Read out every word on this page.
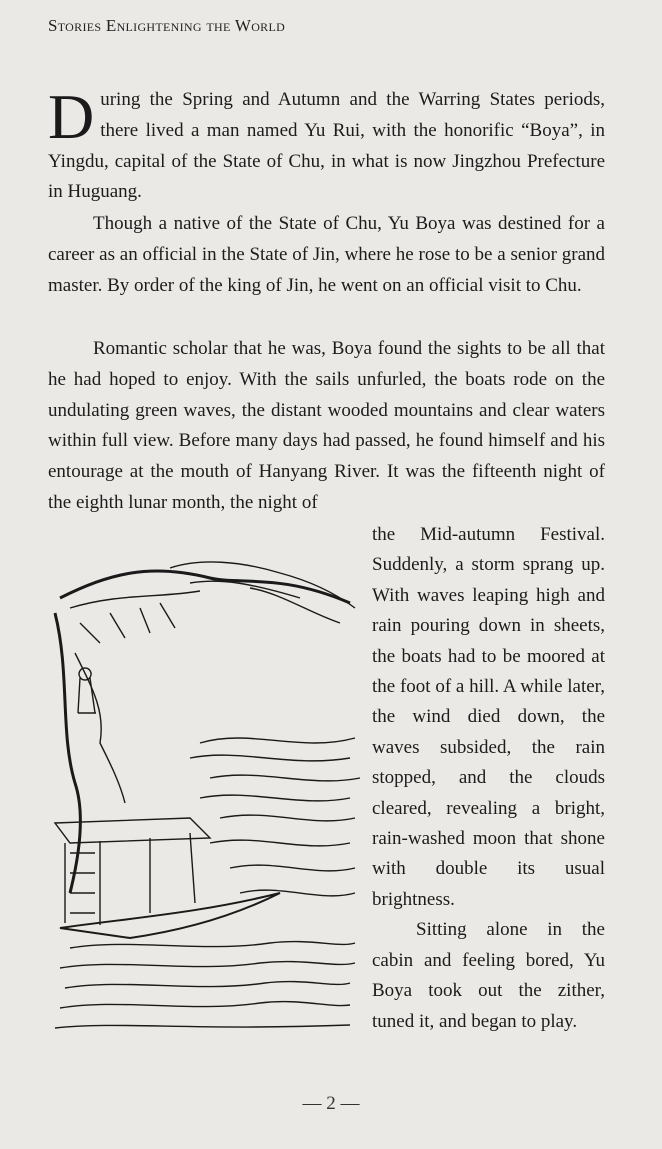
Stories Enlightening the World

During the Spring and Autumn and the Warring States periods, there lived a man named Yu Rui, with the honorific “Boya”, in Yingdu, capital of the State of Chu, in what is now Jingzhou Prefecture in Huguang.

Though a native of the State of Chu, Yu Boya was destined for a career as an official in the State of Jin, where he rose to be a senior grand master. By order of the king of Jin, he went on an official visit to Chu.

Romantic scholar that he was, Boya found the sights to be all that he had hoped to enjoy. With the sails unfurled, the boats rode on the undulating green waves, the distant wooded mountains and clear waters within full view. Before many days had passed, he found himself and his entourage at the mouth of Hanyang River. It was the fifteenth night of the eighth lunar month, the night of

the Mid-autumn Festival. Suddenly, a storm sprang up. With waves leaping high and rain pouring down in sheets, the boats had to be moored at the foot of a hill. A while later, the wind died down, the waves subsided, the rain stopped, and the clouds cleared, revealing a bright, rain-washed moon that shone with double its usual brightness.

Sitting alone in the cabin and feeling bored, Yu Boya took out the zither, tuned it, and began to play.

— 2 —
